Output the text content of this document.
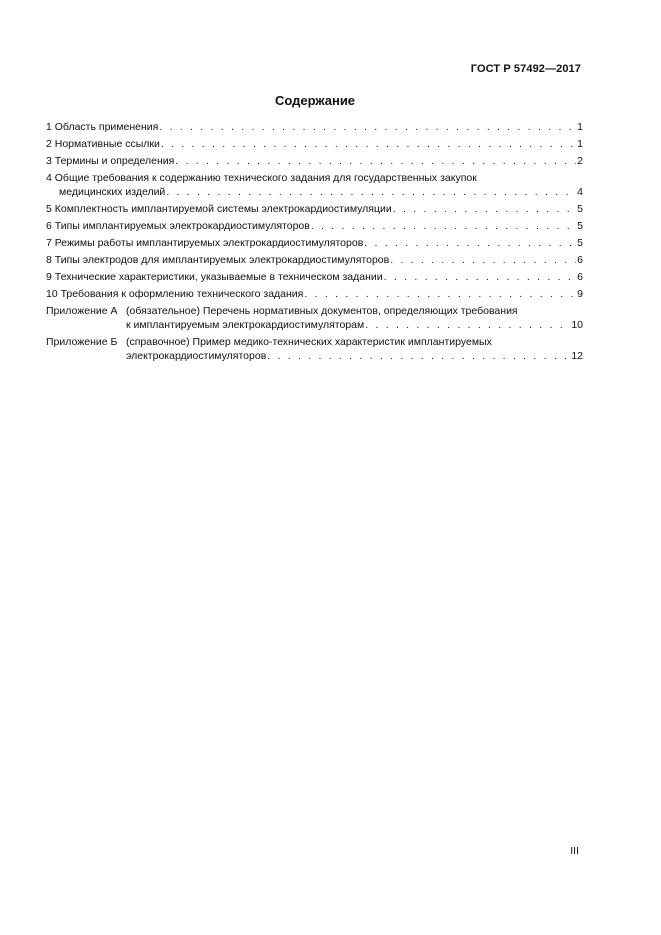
ГОСТ Р 57492—2017
Содержание
1 Область применения . . .	1
2 Нормативные ссылки . . .	1
3 Термины и определения . . .	2
4 Общие требования к содержанию технического задания для государственных закупок
медицинских изделий . . .	4
5 Комплектность имплантируемой системы электрокардиостимуляции . . .	5
6 Типы имплантируемых электрокардиостимуляторов . . .	5
7 Режимы работы имплантируемых электрокардиостимуляторов . . .	5
8 Типы электродов для имплантируемых электрокардиостимуляторов . . .	6
9 Технические характеристики, указываемые в техническом задании . . .	6
10 Требования к оформлению технического задания . . .	9
Приложение А (обязательное) Перечень нормативных документов, определяющих требования
к имплантируемым электрокардиостимуляторам . . .	10
Приложение Б (справочное) Пример медико-технических характеристик имплантируемых
электрокардиостимуляторов . . .	12
III
